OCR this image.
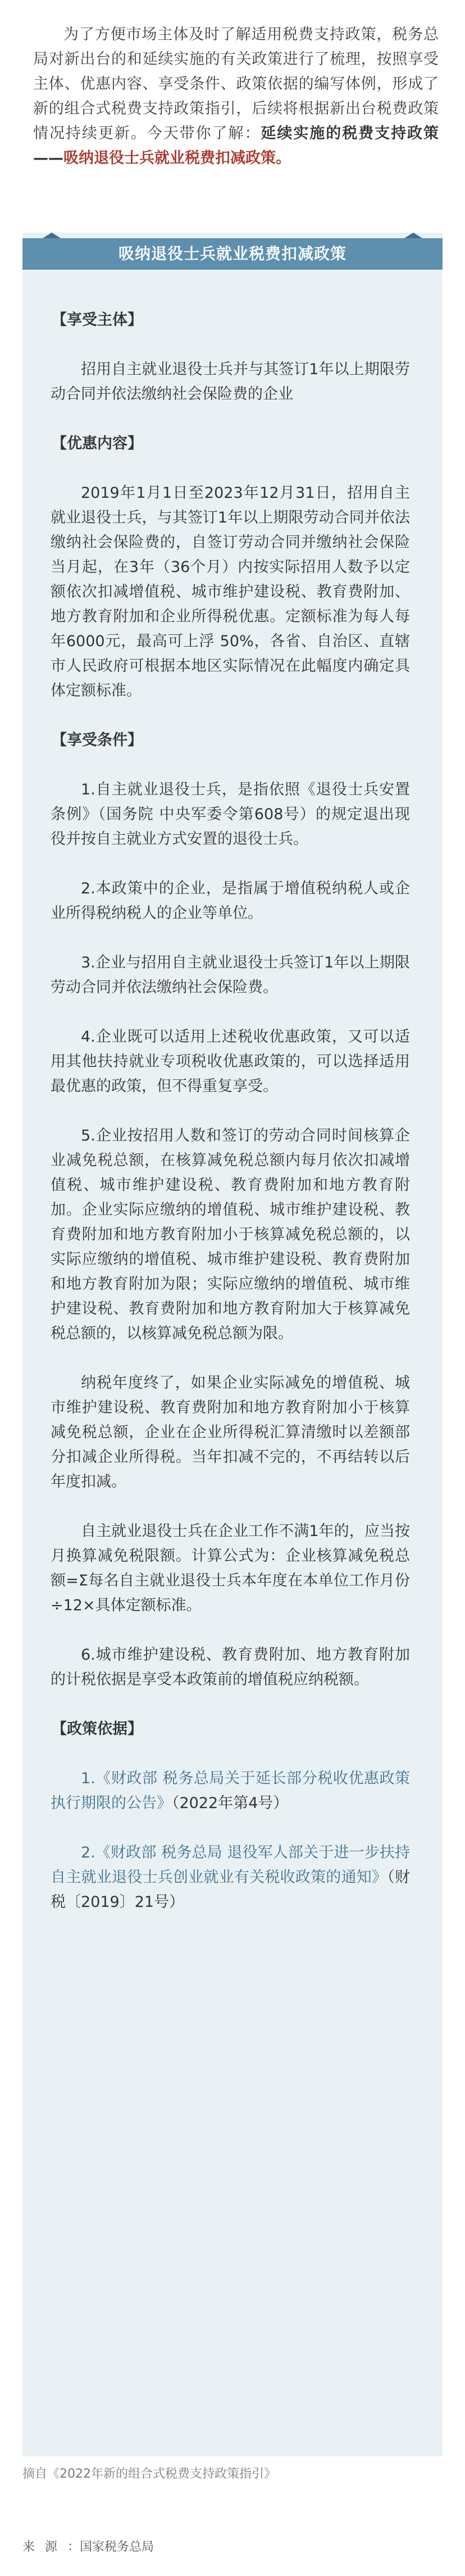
为了方便市场主体及时了解适用税费支持政策，税务总局对新出台的和延续实施的有关政策进行了梳理，按照享受主体、优惠内容、享受条件、政策依据的编写体例，形成了新的组合式税费支持政策指引，后续将根据新出台税费政策情况持续更新。今天带你了解：延续实施的税费支持政策——吸纳退役士兵就业税费扣减政策。

吸纳退役士兵就业税费扣减政策
【享受主体】

招用自主就业退役士兵并与其签订1年以上期限劳动合同并依法缴纳社会保险费的企业

【优惠内容】

2019年1月1日至2023年12月31日，招用自主就业退役士兵，与其签订1年以上期限劳动合同并依法缴纳社会保险费的，自签订劳动合同并缴纳社会保险当月起，在3年（36个月）内按实际招用人数予以定额依次扣减增值税、城市维护建设税、教育费附加、地方教育附加和企业所得税优惠。定额标准为每人每年6000元，最高可上浮 50%，各省、自治区、直辖市人民政府可根据本地区实际情况在此幅度内确定具体定额标准。

【享受条件】

1.自主就业退役士兵，是指依照《退役士兵安置条例》（国务院 中央军委令第608号）的规定退出现役并按自主就业方式安置的退役士兵。

2.本政策中的企业，是指属于增值税纳税人或企业所得税纳税人的企业等单位。

3.企业与招用自主就业退役士兵签订1年以上期限劳动合同并依法缴纳社会保险费。

4.企业既可以适用上述税收优惠政策，又可以适用其他扶持就业专项税收优惠政策的，可以选择适用最优惠的政策，但不得重复享受。

5.企业按招用人数和签订的劳动合同时间核算企业减免税总额，在核算减免税总额内每月依次扣减增值税、城市维护建设税、教育费附加和地方教育附加。企业实际应缴纳的增值税、城市维护建设税、教育费附加和地方教育附加小于核算减免税总额的，以实际应缴纳的增值税、城市维护建设税、教育费附加和地方教育附加为限；实际应缴纳的增值税、城市维护建设税、教育费附加和地方教育附加大于核算减免税总额的，以核算减免税总额为限。

纳税年度终了，如果企业实际减免的增值税、城市维护建设税、教育费附加和地方教育附加小于核算减免税总额，企业在企业所得税汇算清缴时以差额部分扣减企业所得税。当年扣减不完的，不再结转以后年度扣减。

自主就业退役士兵在企业工作不满1年的，应当按月换算减免税限额。计算公式为：企业核算减免税总额=Σ每名自主就业退役士兵本年度在本单位工作月份÷12×具体定额标准。

6.城市维护建设税、教育费附加、地方教育附加的计税依据是享受本政策前的增值税应纳税额。

【政策依据】

1.《财政部 税务总局关于延长部分税收优惠政策执行期限的公告》（2022年第4号）

2.《财政部 税务总局 退役军人部关于进一步扶持自主就业退役士兵创业就业有关税收政策的通知》（财税〔2019〕21号）

摘自《2022年新的组合式税费支持政策指引》
来源：国家税务总局
